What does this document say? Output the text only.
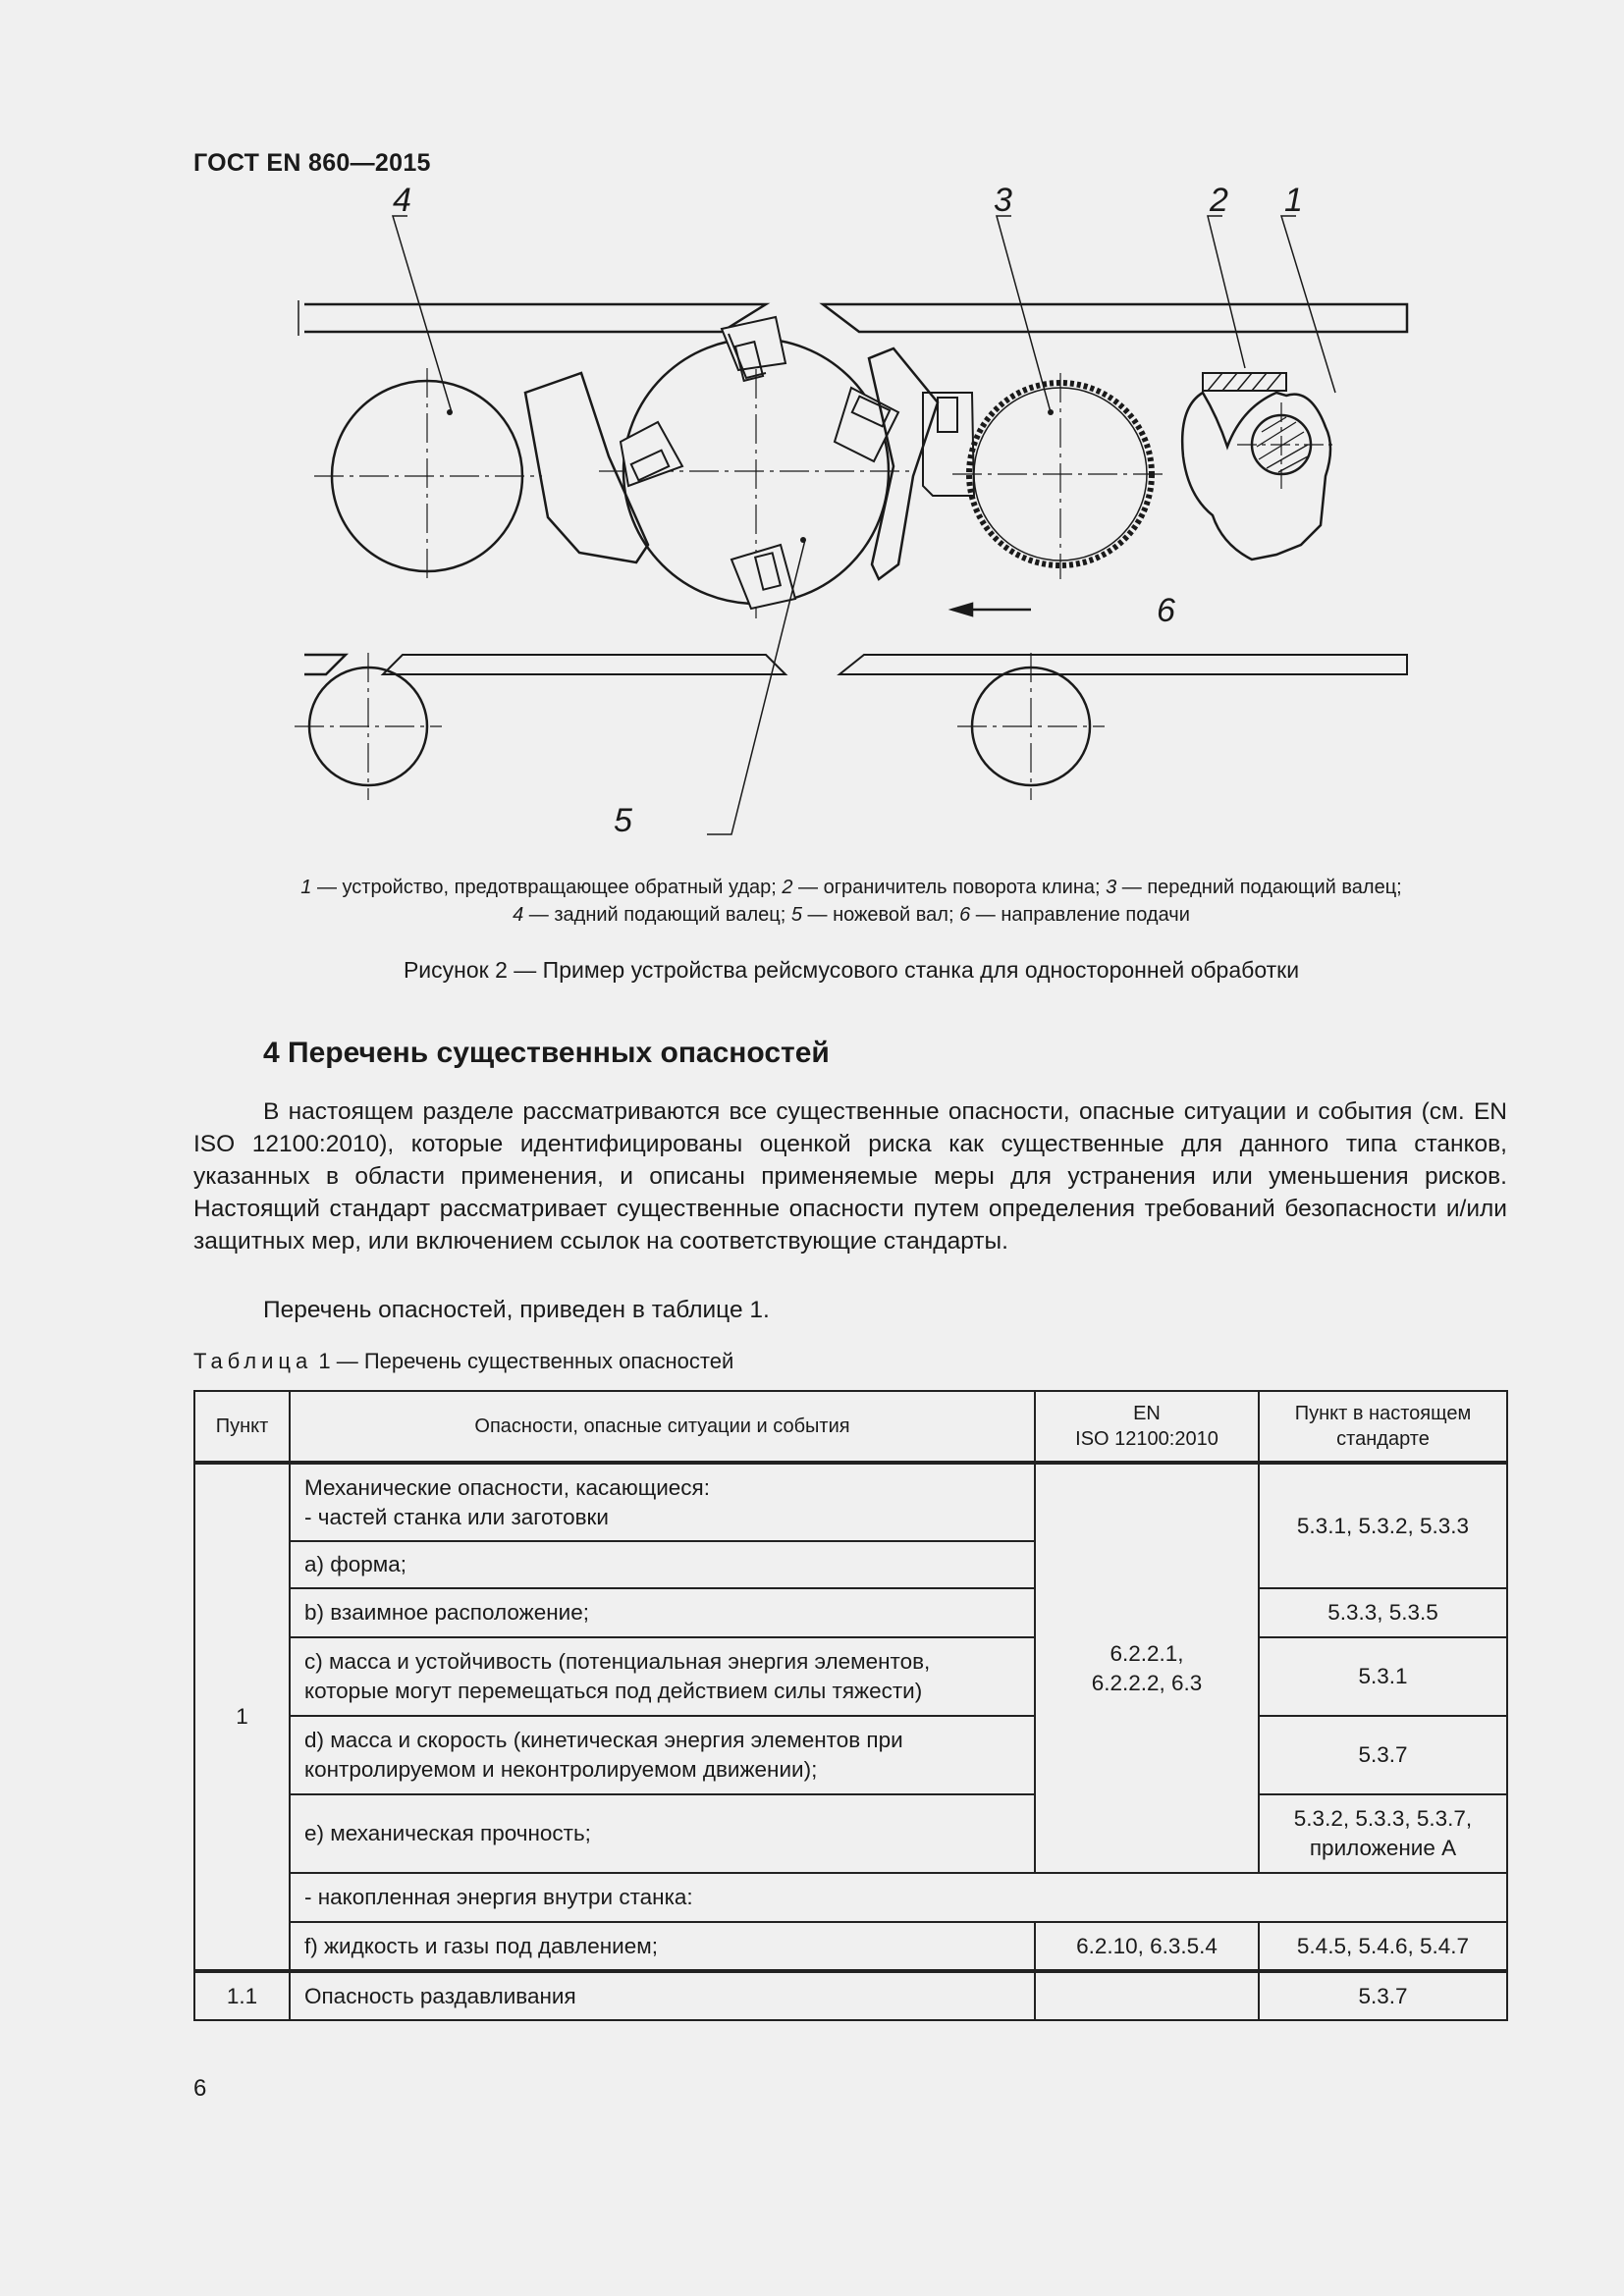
ГОСТ EN 860—2015
1
2
3
4
5
6
1 — устройство, предотвращающее обратный удар; 2 — ограничитель поворота клина; 3 — передний подающий валец;
4 — задний подающий валец; 5 — ножевой вал; 6 — направление подачи
Рисунок 2 — Пример устройства рейсмусового станка для односторонней обработки
4 Перечень существенных опасностей
В настоящем разделе рассматриваются все существенные опасности, опасные ситуации и события (см. EN ISO 12100:2010), которые идентифицированы оценкой риска как существенные для данного типа станков, указанных в области применения, и описаны применяемые меры для устранения или уменьшения рисков. Настоящий стандарт рассматривает существенные опасности путем определения требований безопасности и/или защитных мер, или включением ссылок на соответствующие стандарты.
Перечень опасностей, приведен в таблице 1.
Таблица 1 — Перечень существенных опасностей
Пункт	Опасности, опасные ситуации и события	EN
ISO 12100:2010	Пункт в настоящем
стандарте
1	Механические опасности, касающиеся:
- частей станка или заготовки	6.2.2.1,
6.2.2.2, 6.3	5.3.1, 5.3.2, 5.3.3
	a) форма;		
	b) взаимное расположение;		5.3.3, 5.3.5
	c) масса и устойчивость (потенциальная энергия элементов, которые могут перемещаться под действием силы тяжести)		5.3.1
	d) масса и скорость (кинетическая энергия элементов при контролируемом и неконтролируемом движении);		5.3.7
	e) механическая прочность;		5.3.2, 5.3.3, 5.3.7,
приложение А
	- накопленная энергия внутри станка:		
	f) жидкость и газы под давлением;	6.2.10, 6.3.5.4	5.4.5, 5.4.6, 5.4.7
1.1	Опасность раздавливания		5.3.7
6
